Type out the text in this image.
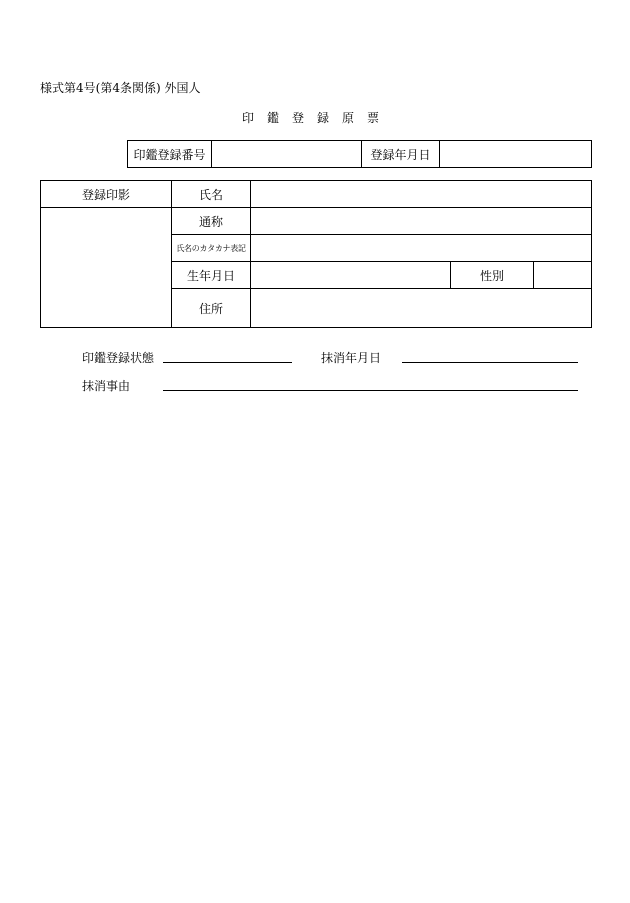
様式第4号(第4条関係) 外国人
印鑑登録原票
印鑑登録番号		登録年月日	
登録印影	氏名			
	通称			
	氏名のカタカナ表記			
	生年月日		性別	
	住所			
印鑑登録状態	抹消年月日
抹消事由
